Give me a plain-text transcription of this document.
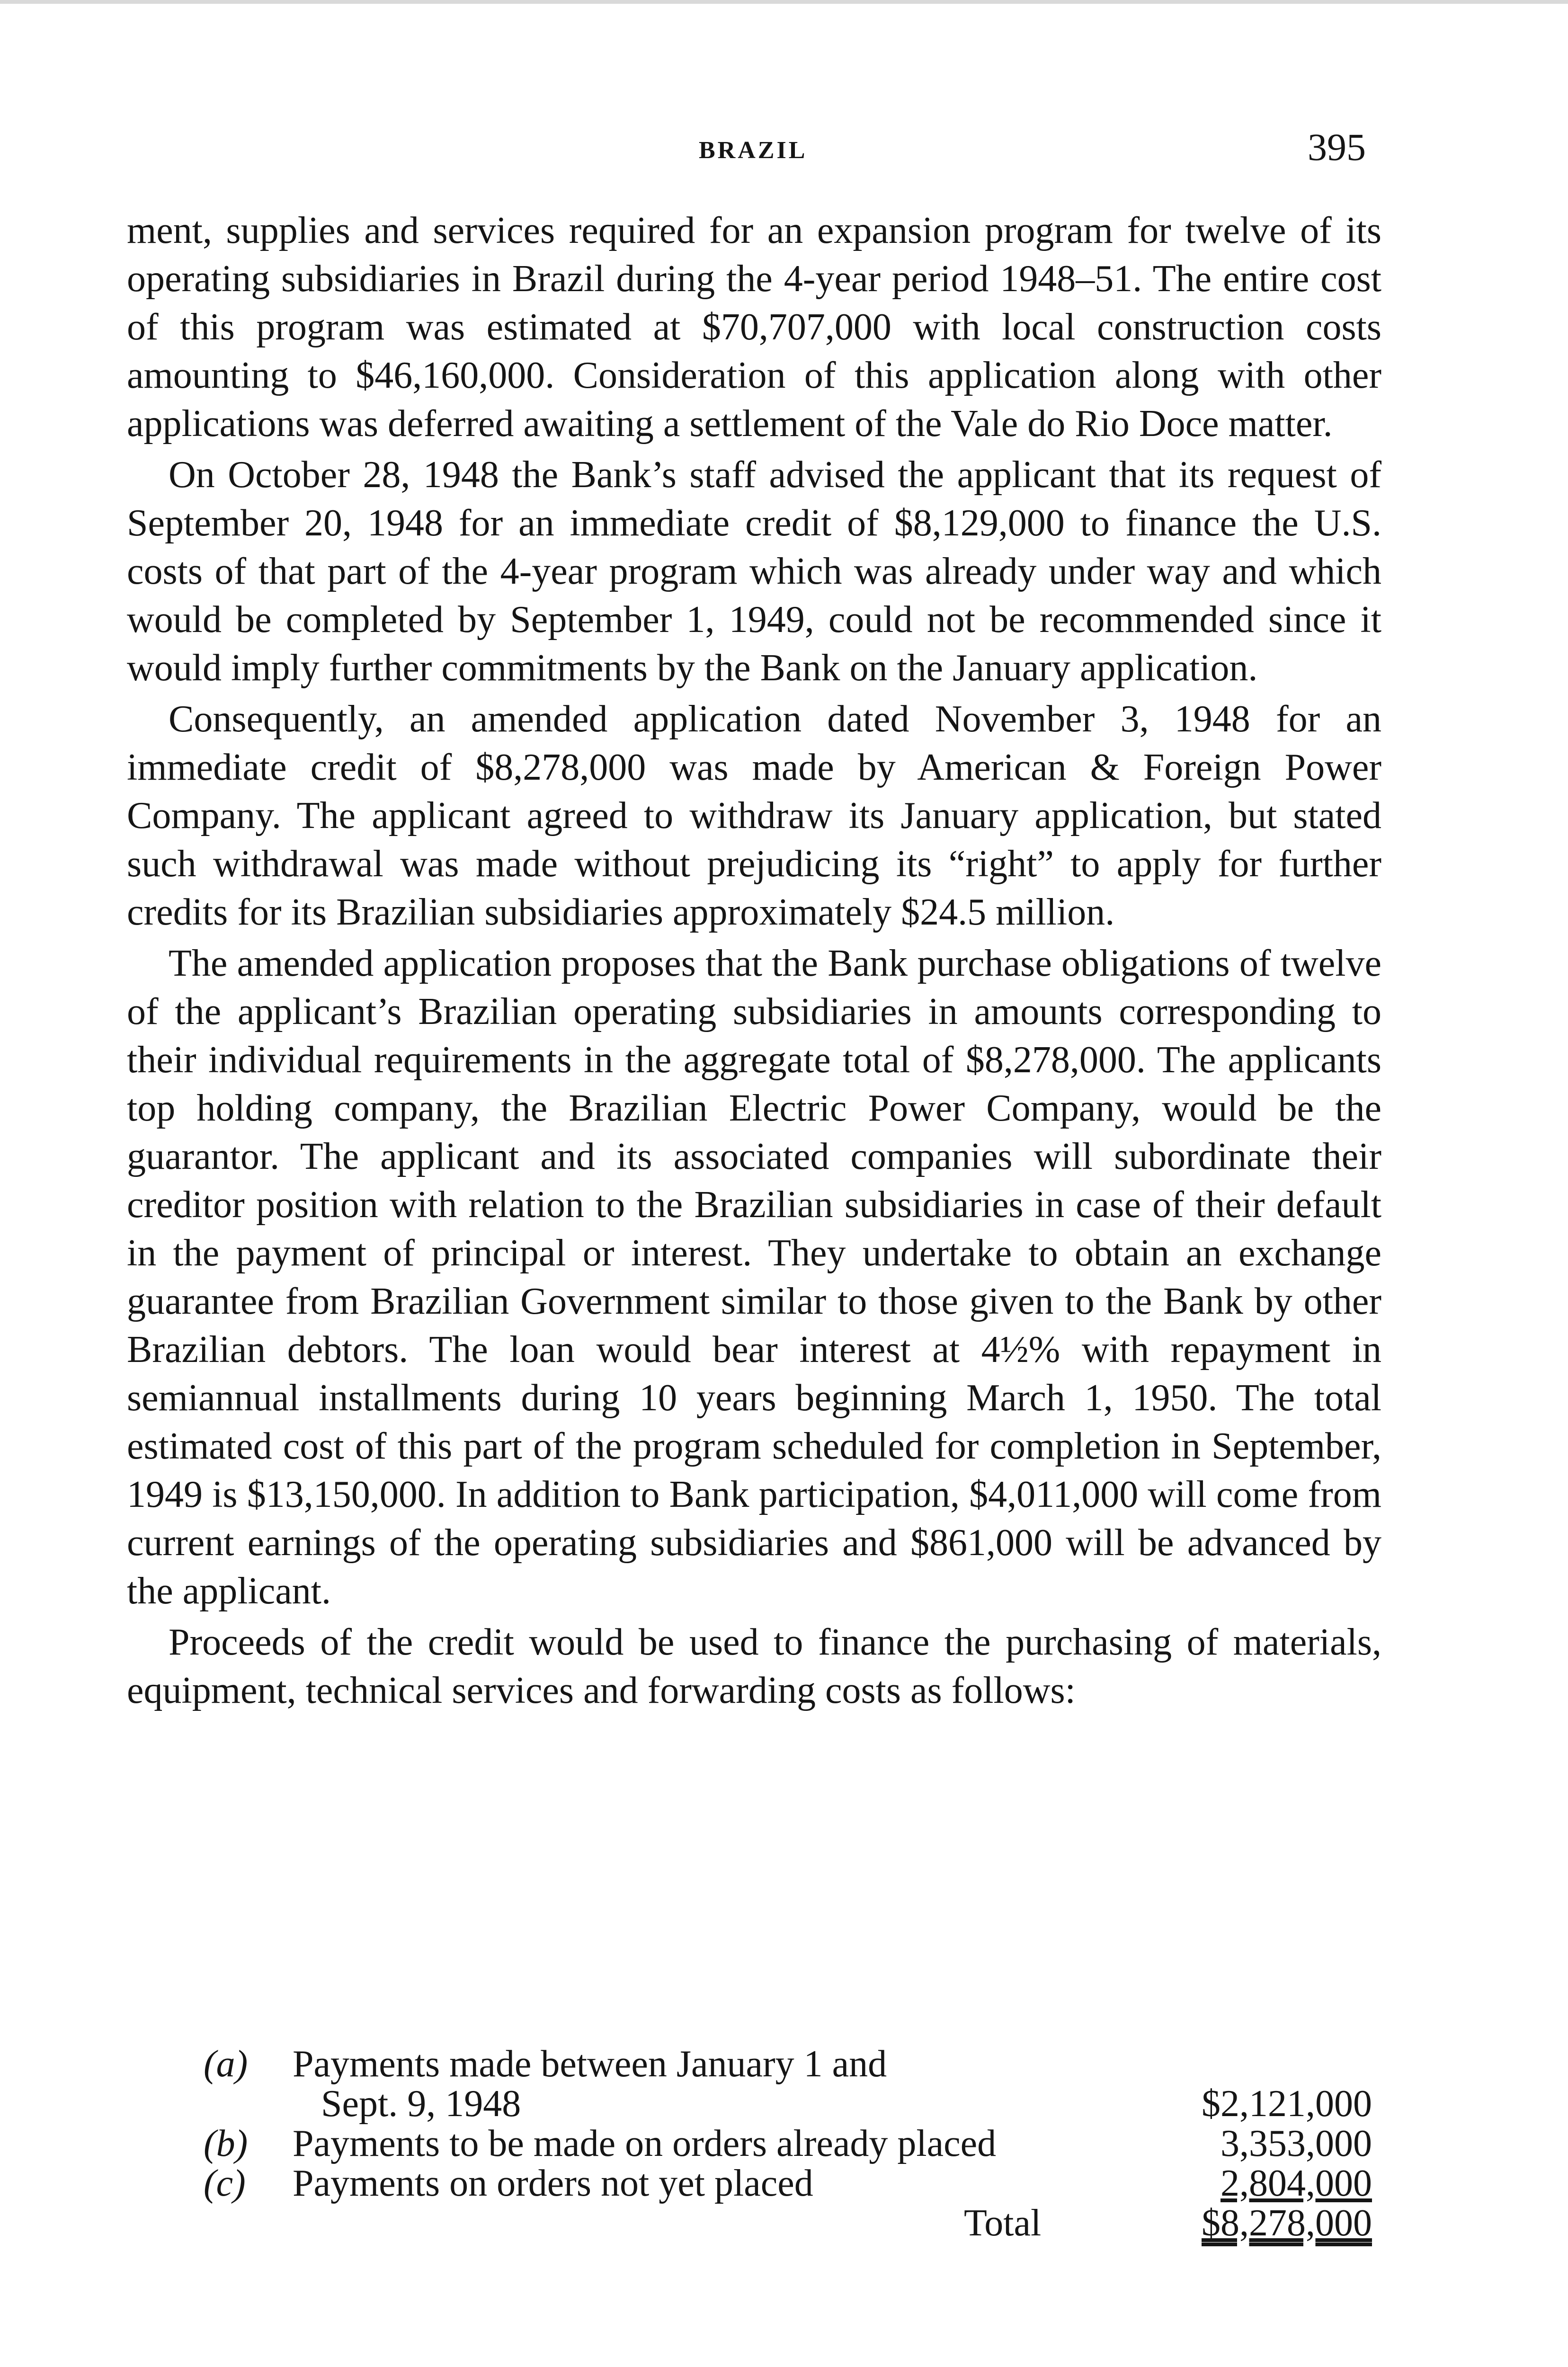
BRAZIL	395

ment, supplies and services required for an expansion program for twelve of its operating subsidiaries in Brazil during the 4-year period 1948–51. The entire cost of this program was estimated at $70,707,000 with local construction costs amounting to $46,160,000. Consideration of this application along with other applications was deferred awaiting a settlement of the Vale do Rio Doce matter.

On October 28, 1948 the Bank’s staff advised the applicant that its request of September 20, 1948 for an immediate credit of $8,129,000 to finance the U.S. costs of that part of the 4-year program which was already under way and which would be completed by September 1, 1949, could not be recommended since it would imply further commitments by the Bank on the January application.

Consequently, an amended application dated November 3, 1948 for an immediate credit of $8,278,000 was made by American & Foreign Power Company. The applicant agreed to withdraw its January application, but stated such withdrawal was made without prejudicing its “right” to apply for further credits for its Brazilian subsidiaries approximately $24.5 million.

The amended application proposes that the Bank purchase obligations of twelve of the applicant’s Brazilian operating subsidiaries in amounts corresponding to their individual requirements in the aggregate total of $8,278,000. The applicants top holding company, the Brazilian Electric Power Company, would be the guarantor. The applicant and its associated companies will subordinate their creditor position with relation to the Brazilian subsidiaries in case of their default in the payment of principal or interest. They undertake to obtain an exchange guarantee from Brazilian Government similar to those given to the Bank by other Brazilian debtors. The loan would bear interest at 4½% with repayment in semiannual installments during 10 years beginning March 1, 1950. The total estimated cost of this part of the program scheduled for completion in September, 1949 is $13,150,000. In addition to Bank participation, $4,011,000 will come from current earnings of the operating subsidiaries and $861,000 will be advanced by the applicant.

Proceeds of the credit would be used to finance the purchasing of materials, equipment, technical services and forwarding costs as follows:

(a) Payments made between January 1 and
Sept. 9, 1948	$2,121,000
(b) Payments to be made on orders already placed	3,353,000
(c) Payments on orders not yet placed	2,804,000
Total	$8,278,000
